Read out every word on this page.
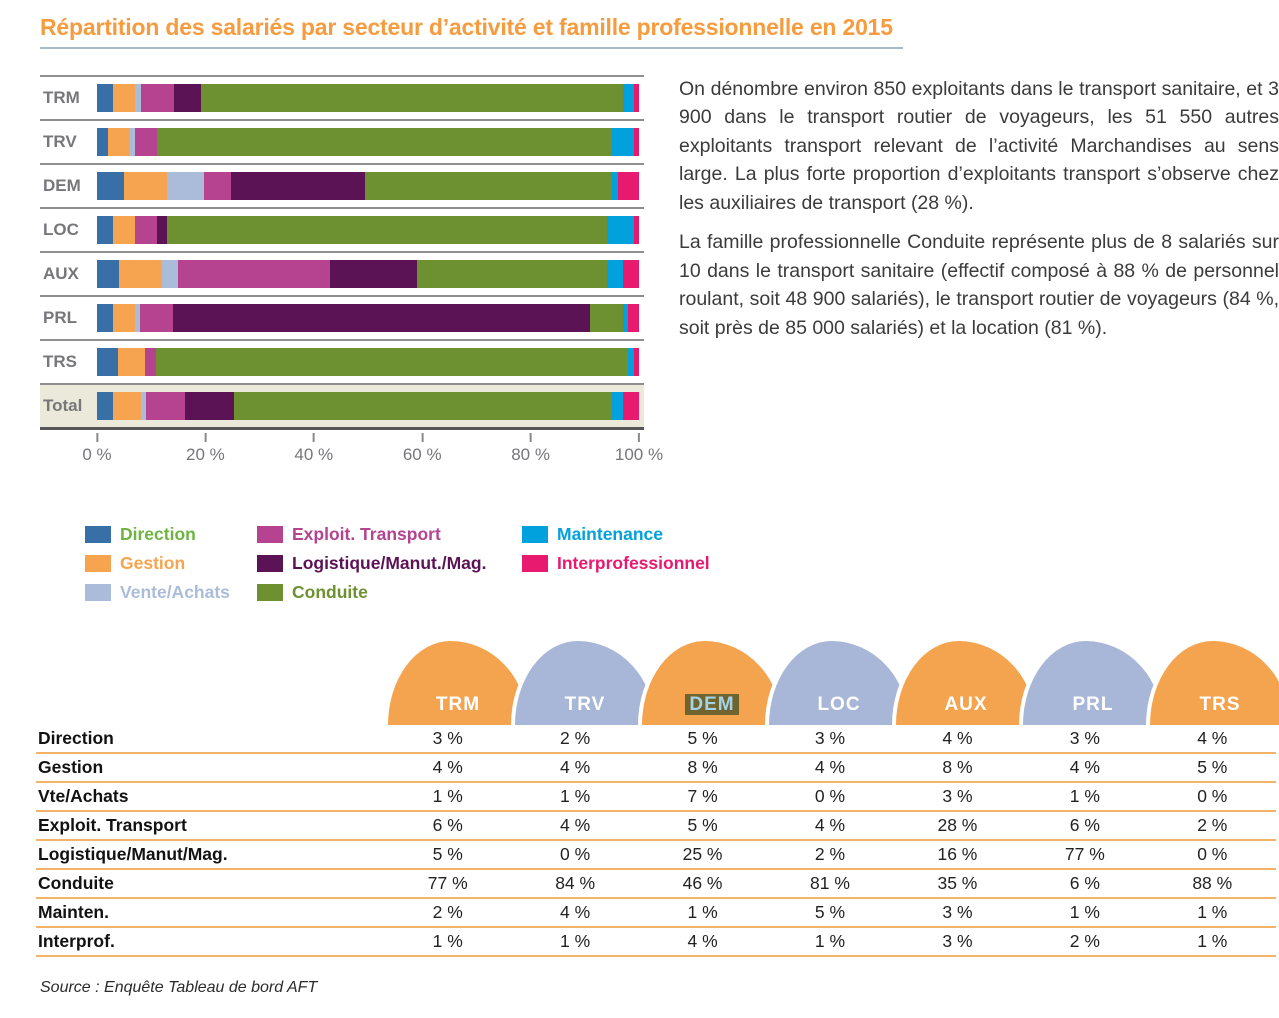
Répartition des salariés par secteur d’activité et famille professionnelle en 2015
TRM
TRV
DEM
LOC
AUX
PRL
TRS
Total
0 %	20 %	40 %	60 %	80 %	100 %

On dénombre environ 850 exploitants dans le transport sanitaire, et 3 900 dans le transport routier de voyageurs, les 51 550 autres exploitants transport relevant de l’activité Marchandises au sens large. La plus forte proportion d’exploitants transport s’observe chez les auxiliaires de transport (28 %).

La famille professionnelle Conduite représente plus de 8 salariés sur 10 dans le transport sanitaire (effectif composé à 88 % de personnel roulant, soit 48 900 salariés), le transport routier de voyageurs (84 %, soit près de 85 000 salariés) et la location (81 %).

Direction
Gestion
Vente/Achats
Exploit. Transport
Logistique/Manut./Mag.
Conduite
Maintenance
Interprofessionnel
TRM	TRV	DEM	LOC	AUX	PRL	TRS
Direction	3 %	2 %	5 %	3 %	4 %	3 %	4 %
Gestion	4 %	4 %	8 %	4 %	8 %	4 %	5 %
Vte/Achats	1 %	1 %	7 %	0 %	3 %	1 %	0 %
Exploit. Transport	6 %	4 %	5 %	4 %	28 %	6 %	2 %
Logistique/Manut/Mag.	5 %	0 %	25 %	2 %	16 %	77 %	0 %
Conduite	77 %	84 %	46 %	81 %	35 %	6 %	88 %
Mainten.	2 %	4 %	1 %	5 %	3 %	1 %	1 %
Interprof.	1 %	1 %	4 %	1 %	3 %	2 %	1 %
Source : Enquête Tableau de bord AFT
